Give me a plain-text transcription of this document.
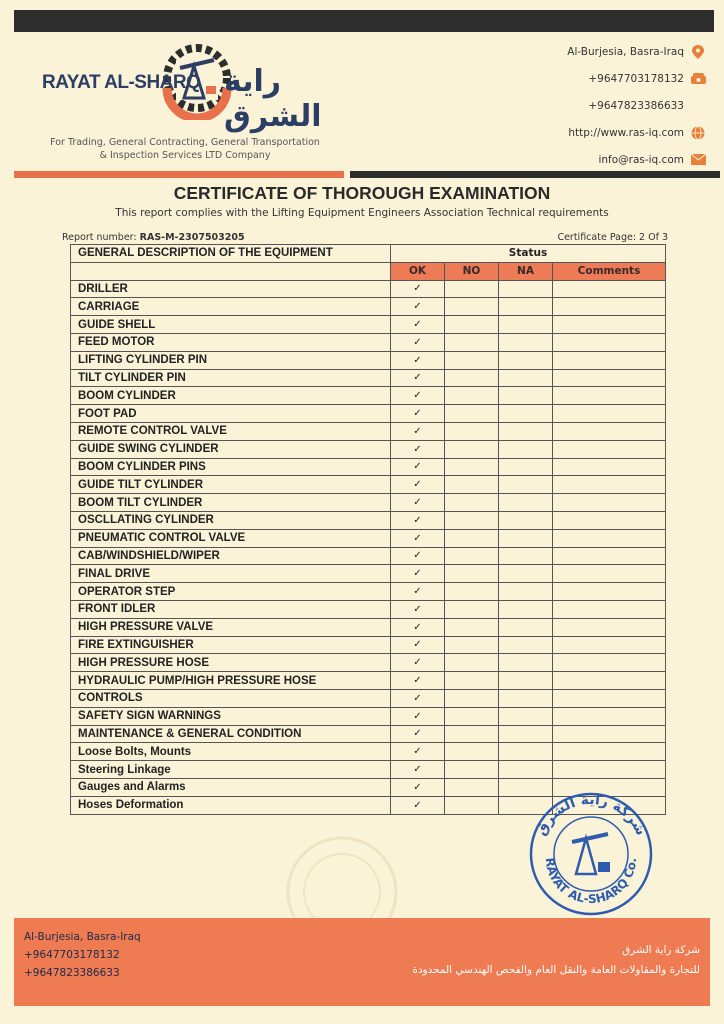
RAYAT AL-SHARQ راية الشرق
For Trading, General Contracting, General Transportation
& Inspection Services LTD Company
Al-Burjesia, Basra-Iraq
+9647703178132
+9647823386633
http://www.ras-iq.com
info@ras-iq.com
CERTIFICATE OF THOROUGH EXAMINATION
This report complies with the Lifting Equipment Engineers Association Technical requirements
Report number: RAS-M-2307503205	Certificate Page: 2 Of 3
GENERAL DESCRIPTION OF THE EQUIPMENT	Status			
	OK	NO	NA	Comments
DRILLER	✓			
CARRIAGE	✓			
GUIDE SHELL	✓			
FEED MOTOR	✓			
LIFTING CYLINDER PIN	✓			
TILT CYLINDER PIN	✓			
BOOM CYLINDER	✓			
FOOT PAD	✓			
REMOTE CONTROL VALVE	✓			
GUIDE SWING CYLINDER	✓			
BOOM CYLINDER PINS	✓			
GUIDE TILT CYLINDER	✓			
BOOM TILT CYLINDER	✓			
OSCLLATING CYLINDER	✓			
PNEUMATIC CONTROL VALVE	✓			
CAB/WINDSHIELD/WIPER	✓			
FINAL DRIVE	✓			
OPERATOR STEP	✓			
FRONT IDLER	✓			
HIGH PRESSURE VALVE	✓			
FIRE EXTINGUISHER	✓			
HIGH PRESSURE HOSE	✓			
HYDRAULIC PUMP/HIGH PRESSURE HOSE	✓			
CONTROLS	✓			
SAFETY SIGN WARNINGS	✓			
MAINTENANCE & GENERAL CONDITION	✓			
Loose Bolts, Mounts	✓			
Steering Linkage	✓			
Gauges and Alarms	✓			
Hoses Deformation	✓			
شركة راية الشرق
RAYAT AL-SHARQ Co.
Al-Burjesia, Basra-Iraq
+9647703178132
+9647823386633
شركة راية الشرق
للتجارة والمقاولات العامة والنقل العام والفحص الهندسي المحدودة
